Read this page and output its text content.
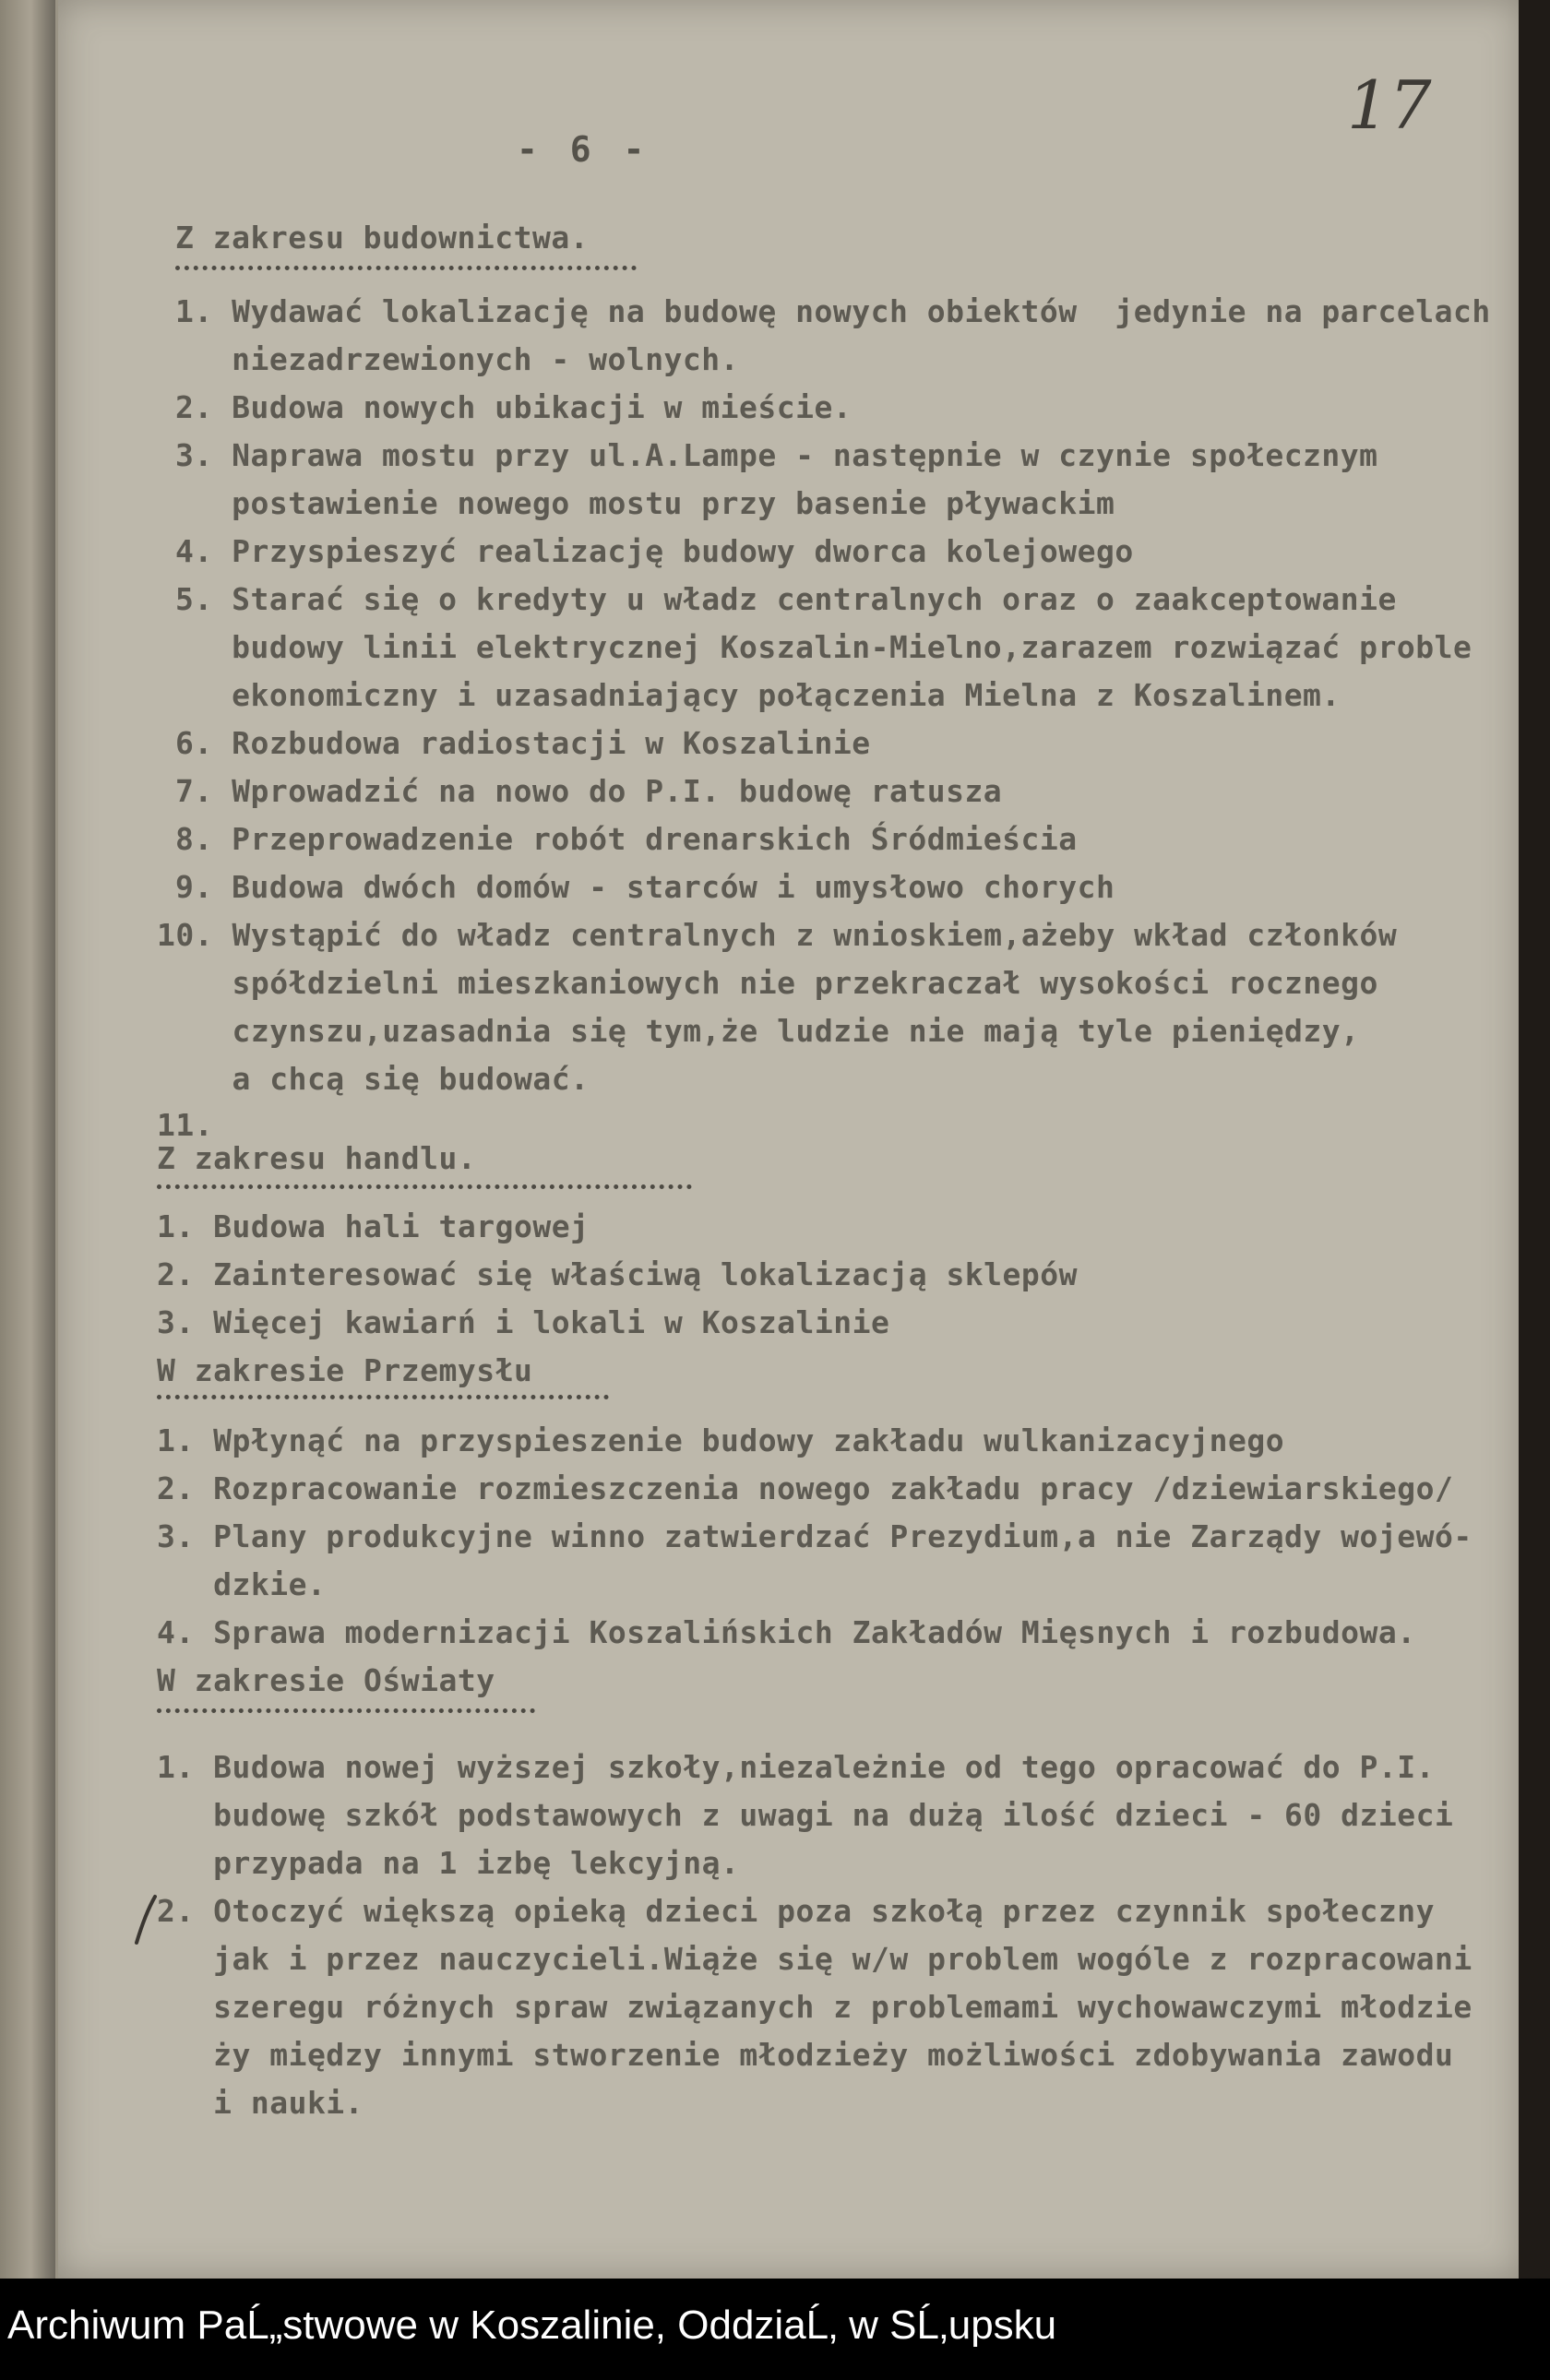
- 6 -
17
Z zakresu budownictwa.
1. Wydawać lokalizację na budowę nowych obiektów  jedynie na parcelach
niezadrzewionych - wolnych.
2. Budowa nowych ubikacji w mieście.
3. Naprawa mostu przy ul.A.Lampe - następnie w czynie społecznym
postawienie nowego mostu przy basenie pływackim
4. Przyspieszyć realizację budowy dworca kolejowego
5. Starać się o kredyty u władz centralnych oraz o zaakceptowanie
budowy linii elektrycznej Koszalin-Mielno,zarazem rozwiązać proble
ekonomiczny i uzasadniający połączenia Mielna z Koszalinem.
6. Rozbudowa radiostacji w Koszalinie
7. Wprowadzić na nowo do P.I. budowę ratusza
8. Przeprowadzenie robót drenarskich Śródmieścia
9. Budowa dwóch domów - starców i umysłowo chorych
10. Wystąpić do władz centralnych z wnioskiem,ażeby wkład członków
spółdzielni mieszkaniowych nie przekraczał wysokości rocznego
czynszu,uzasadnia się tym,że ludzie nie mają tyle pieniędzy,
a chcą się budować.
11.
Z zakresu handlu.
1. Budowa hali targowej
2. Zainteresować się właściwą lokalizacją sklepów
3. Więcej kawiarń i lokali w Koszalinie
W zakresie Przemysłu
1. Wpłynąć na przyspieszenie budowy zakładu wulkanizacyjnego
2. Rozpracowanie rozmieszczenia nowego zakładu pracy /dziewiarskiego/
3. Plany produkcyjne winno zatwierdzać Prezydium,a nie Zarządy wojewó-
dzkie.
4. Sprawa modernizacji Koszalińskich Zakładów Mięsnych i rozbudowa.
W zakresie Oświaty
1. Budowa nowej wyższej szkoły,niezależnie od tego opracować do P.I.
budowę szkół podstawowych z uwagi na dużą ilość dzieci - 60 dzieci
przypada na 1 izbę lekcyjną.
2. Otoczyć większą opieką dzieci poza szkołą przez czynnik społeczny
jak i przez nauczycieli.Wiąże się w/w problem wogóle z rozpracowani
szeregu różnych spraw związanych z problemami wychowawczymi młodzie
ży między innymi stworzenie młodzieży możliwości zdobywania zawodu
i nauki.
Archiwum PaĹ„stwowe w Koszalinie, OddziaĹ‚ w SĹ‚upsku
